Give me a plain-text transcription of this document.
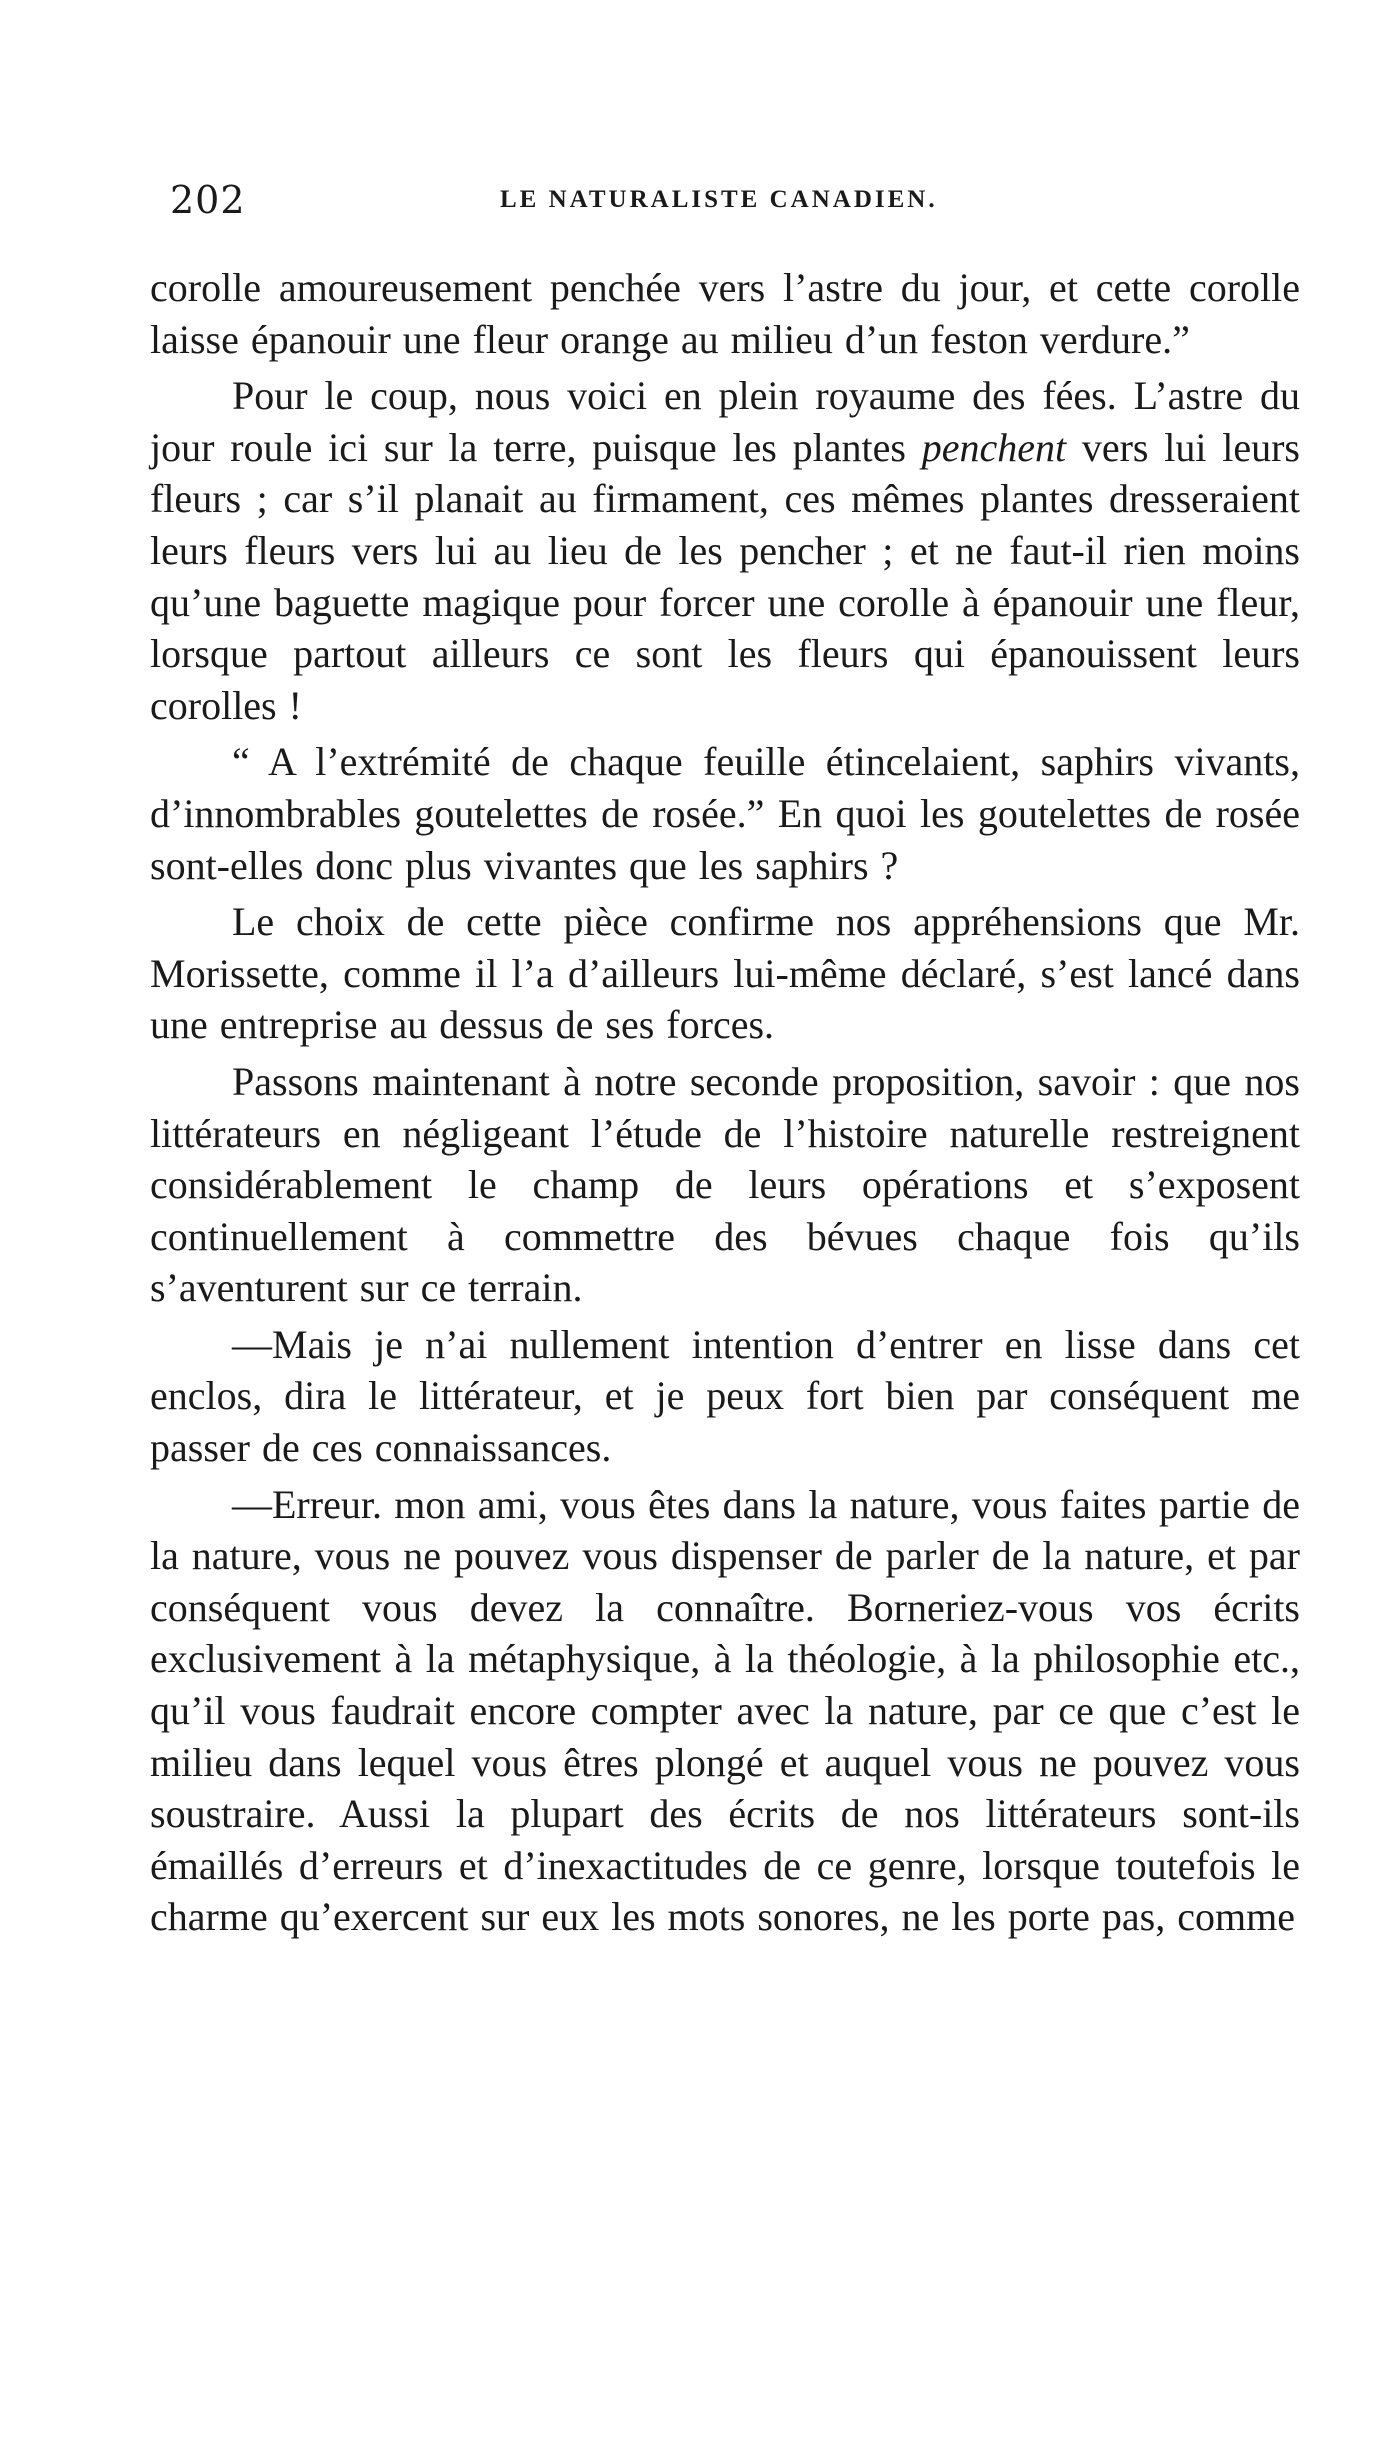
202	LE NATURALISTE CANADIEN.

corolle amoureusement penchée vers l’astre du jour, et cette corolle laisse épanouir une fleur orange au milieu d’un feston verdure.”

Pour le coup, nous voici en plein royaume des fées. L’astre du jour roule ici sur la terre, puisque les plantes penchent vers lui leurs fleurs ; car s’il planait au firmament, ces mêmes plantes dresseraient leurs fleurs vers lui au lieu de les pencher ; et ne faut-il rien moins qu’une baguette magique pour forcer une corolle à épanouir une fleur, lorsque partout ailleurs ce sont les fleurs qui épanouissent leurs corolles !

“ A l’extrémité de chaque feuille étincelaient, saphirs vivants, d’innombrables goutelettes de rosée.” En quoi les goutelettes de rosée sont-elles donc plus vivantes que les saphirs ?

Le choix de cette pièce confirme nos appréhensions que Mr. Morissette, comme il l’a d’ailleurs lui-même déclaré, s’est lancé dans une entreprise au dessus de ses forces.

Passons maintenant à notre seconde proposition, savoir : que nos littérateurs en négligeant l’étude de l’histoire naturelle restreignent considérablement le champ de leurs opérations et s’exposent continuellement à commettre des bévues chaque fois qu’ils s’aventurent sur ce terrain.

—Mais je n’ai nullement intention d’entrer en lisse dans cet enclos, dira le littérateur, et je peux fort bien par conséquent me passer de ces connaissances.

—Erreur. mon ami, vous êtes dans la nature, vous faites partie de la nature, vous ne pouvez vous dispenser de parler de la nature, et par conséquent vous devez la connaître. Borneriez-vous vos écrits exclusivement à la métaphysique, à la théologie, à la philosophie etc., qu’il vous faudrait encore compter avec la nature, par ce que c’est le milieu dans lequel vous êtres plongé et auquel vous ne pouvez vous soustraire. Aussi la plupart des écrits de nos littérateurs sont-ils émaillés d’erreurs et d’inexactitudes de ce genre, lorsque toutefois le charme qu’exercent sur eux les mots sonores, ne les porte pas, comme
